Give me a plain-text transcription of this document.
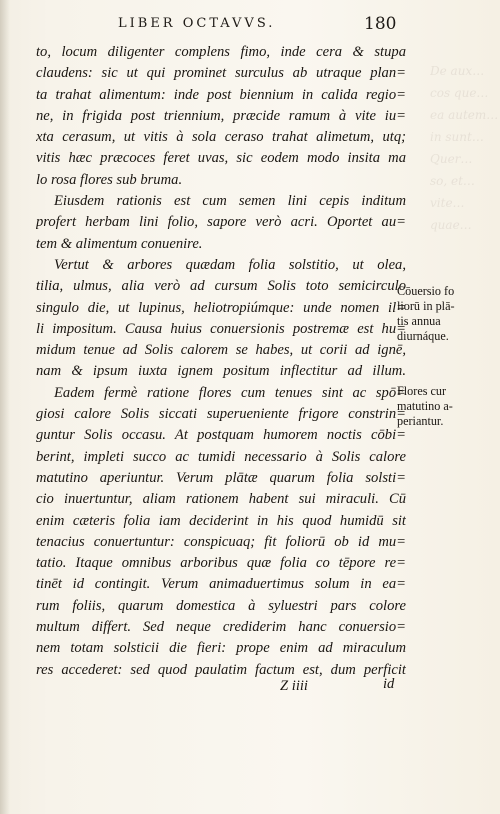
De aux…
cos que…
ea autem…
in sunt…
Quer…
so, et…
vite…
quae…
LIBER OCTAVVS.	180
to, locum diligenter complens fimo, inde cera & stupa
claudens: sic ut qui prominet surculus ab utraque plan=
ta trahat alimentum: inde post biennium in calida regio=
ne, in frigida post triennium, præcide ramum à vite iu=
xta cerasum, ut vitis à sola ceraso trahat alimetum, utq;
vitis hæc præcoces feret uvas, sic eodem modo insita ma
lo rosa flores sub bruma.
Eiusdem rationis est cum semen lini cepis inditum
profert herbam lini folio, sapore verò acri. Oportet au=
tem & alimentum conuenire.
Vertut & arbores quædam folia solstitio, ut olea,
tilia, ulmus, alia verò ad cursum Solis toto semicirculo
singulo die, ut lupinus, heliotropiúmque: unde nomen il=
li impositum. Causa huius conuersionis postremæ est hu=
midum tenue ad Solis calorem se habes, ut corii ad ignē,
nam & ipsum iuxta ignem positum inflectitur ad illum.
Eadem fermè ratione flores cum tenues sint ac spō=
giosi calore Solis siccati superueniente frigore constrin=
guntur Solis occasu. At postquam humorem noctis cōbi=
berint, impleti succo ac tumidi necessario à Solis calore
matutino aperiuntur. Verum plātæ quarum folia solsti=
cio inuertuntur, aliam rationem habent sui miraculi. Cū
enim cæteris folia iam deciderint in his quod humidū sit
tenacius conuertuntur: conspicuaq; fit foliorū ob id mu=
tatio. Itaque omnibus arboribus quæ folia co tēpore re=
tinēt id contingit. Verum animaduertimus solum in ea=
rum foliis, quarum domestica à syluestri pars colore
multum differt. Sed neque crediderim hanc conuersio=
nem totam solsticii die fieri: prope enim ad miraculum
res accederet: sed quod paulatim factum est, dum perficit
Cōuersio fo
liorū in plā-
tis annua
diurnáque.
Flores cur
matutino a-
periantur.
Z iiii	id
